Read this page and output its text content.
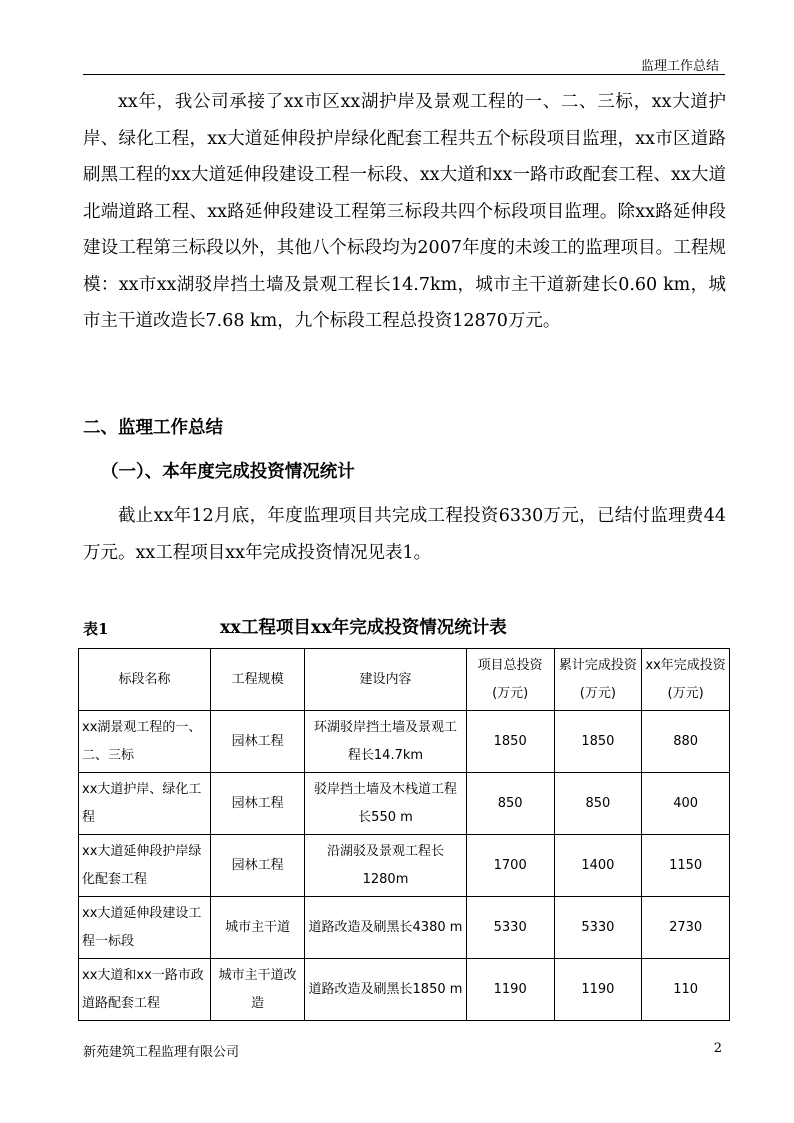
监理工作总结

xx年，我公司承接了xx市区xx湖护岸及景观工程的一、二、三标，xx大道护岸、绿化工程，xx大道延伸段护岸绿化配套工程共五个标段项目监理，xx市区道路刷黑工程的xx大道延伸段建设工程一标段、xx大道和xx一路市政配套工程、xx大道北端道路工程、xx路延伸段建设工程第三标段共四个标段项目监理。除xx路延伸段建设工程第三标段以外，其他八个标段均为2007年度的未竣工的监理项目。工程规模：xx市xx湖驳岸挡土墙及景观工程长14.7km，城市主干道新建长0.60 km，城市主干道改造长7.68 km，九个标段工程总投资12870万元。

二、监理工作总结

（一）、本年度完成投资情况统计

截止xx年12月底，年度监理项目共完成工程投资6330万元，已结付监理费44万元。xx工程项目xx年完成投资情况见表1。

表1	xx工程项目xx年完成投资情况统计表
标段名称	工程规模	建设内容	项目总投资(万元)	累计完成投资(万元)	xx年完成投资(万元)
xx湖景观工程的一、二、三标	园林工程	环湖驳岸挡土墙及景观工程长14.7km	1850	1850	880
xx大道护岸、绿化工程	园林工程	驳岸挡土墙及木栈道工程长550 m	850	850	400
xx大道延伸段护岸绿化配套工程	园林工程	沿湖驳及景观工程长1280m	1700	1400	1150
xx大道延伸段建设工程一标段	城市主干道	道路改造及刷黑长4380 m	5330	5330	2730
xx大道和xx一路市政道路配套工程	城市主干道改造	道路改造及刷黑长1850 m	1190	1190	110
新苑建筑工程监理有限公司	2
